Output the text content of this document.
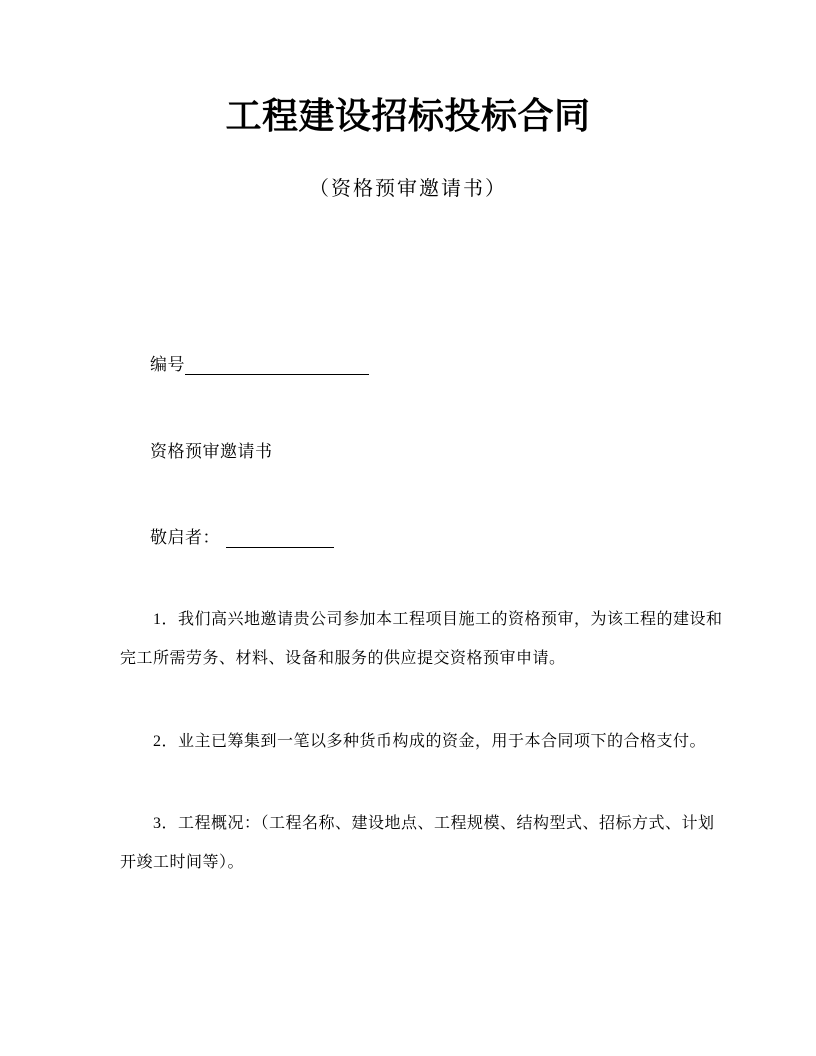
工程建设招标投标合同
（资格预审邀请书）
编号
资格预审邀请书
敬启者：
1．我们高兴地邀请贵公司参加本工程项目施工的资格预审，为该工程的建设和
完工所需劳务、材料、设备和服务的供应提交资格预审申请。
2．业主已筹集到一笔以多种货币构成的资金，用于本合同项下的合格支付。
3．工程概况：（工程名称、建设地点、工程规模、结构型式、招标方式、计划
开竣工时间等）。
